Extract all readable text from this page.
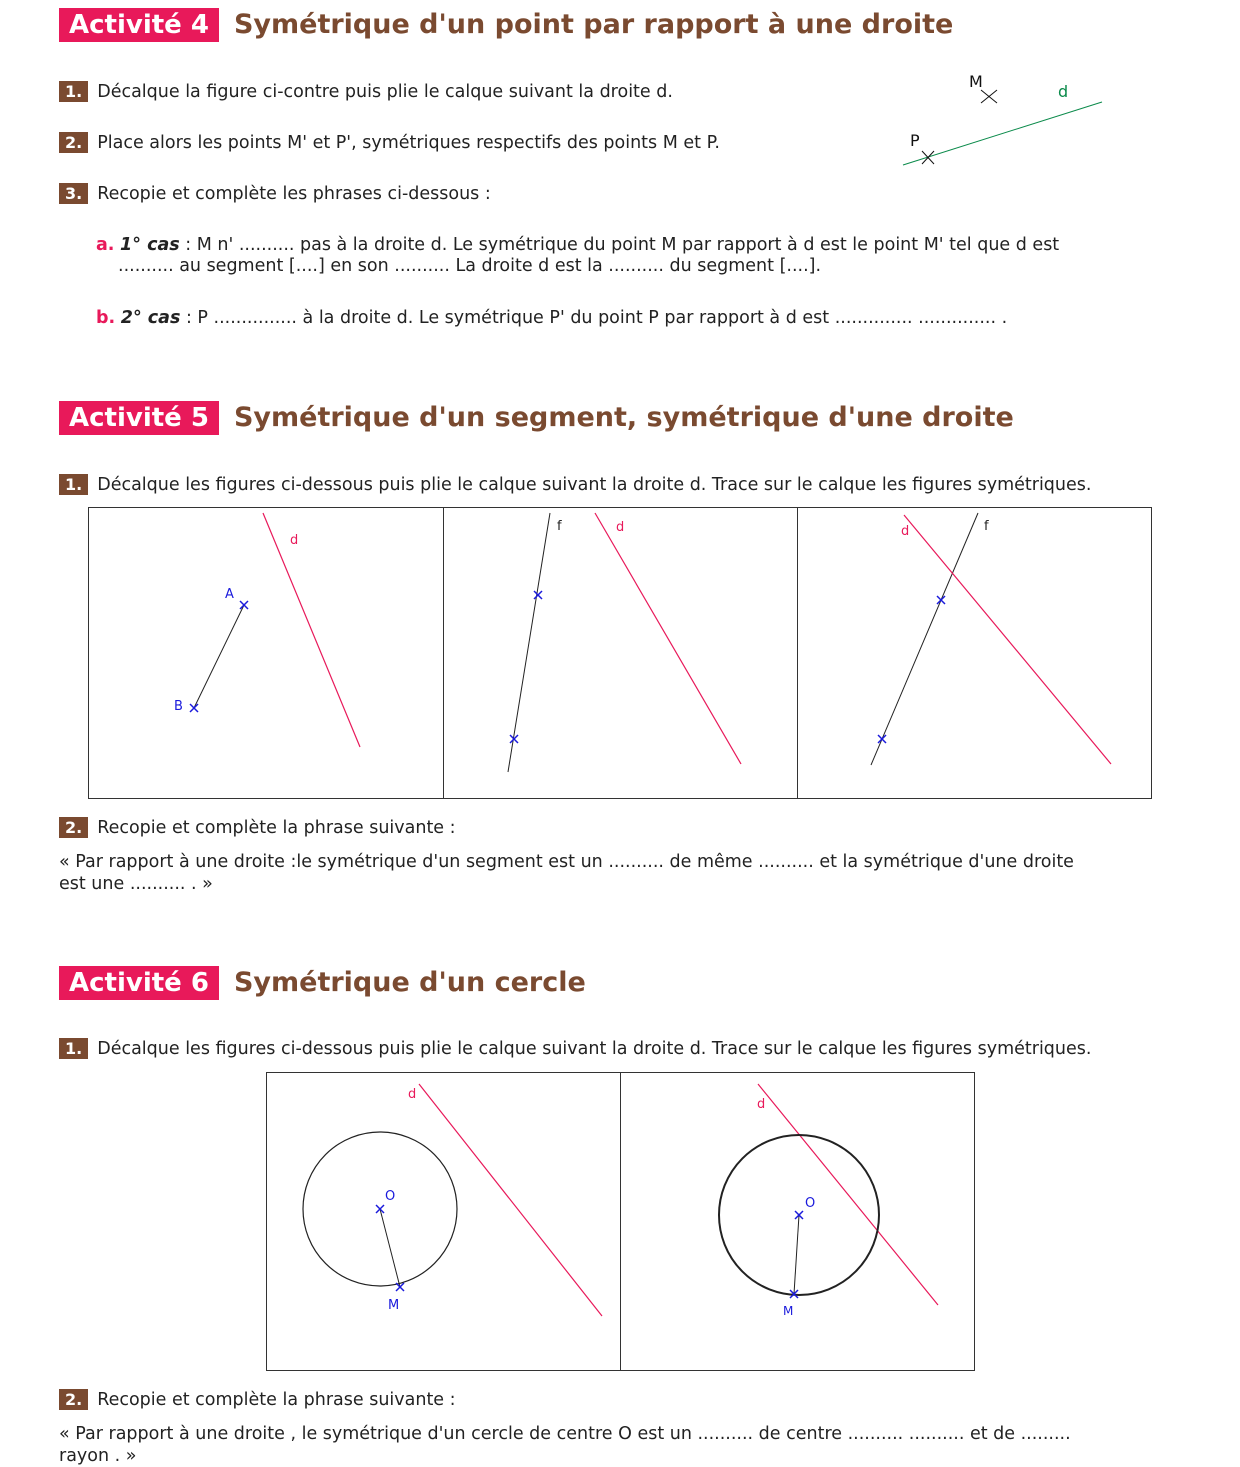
Activité 4 Symétrique d'un point par rapport à une droite
1. Décalque la figure ci-contre puis plie le calque suivant la droite d.
2. Place alors les points M' et P', symétriques respectifs des points M et P.
3. Recopie et complète les phrases ci-dessous :
a. 1° cas : M n' .......... pas à la droite d. Le symétrique du point M par rapport à d est le point M' tel que d est
.......... au segment [....] en son .......... La droite d est la .......... du segment [....].
b. 2° cas : P ............... à la droite d. Le symétrique P' du point P par rapport à d est .............. .............. .
M
P
d
Activité 5 Symétrique d'un segment, symétrique d'une droite
1. Décalque les figures ci-dessous puis plie le calque suivant la droite d. Trace sur le calque les figures symétriques.
d
A
B
f	d	f
d
2. Recopie et complète la phrase suivante :
« Par rapport à une droite :le symétrique d'un segment est un .......... de même .......... et la symétrique d'une droite
est une .......... . »
Activité 6 Symétrique d'un cercle
1. Décalque les figures ci-dessous puis plie le calque suivant la droite d. Trace sur le calque les figures symétriques.
d
O
M
d
O
M
2. Recopie et complète la phrase suivante :
« Par rapport à une droite , le symétrique d'un cercle de centre O est un .......... de centre .......... .......... et de .........
rayon . »
